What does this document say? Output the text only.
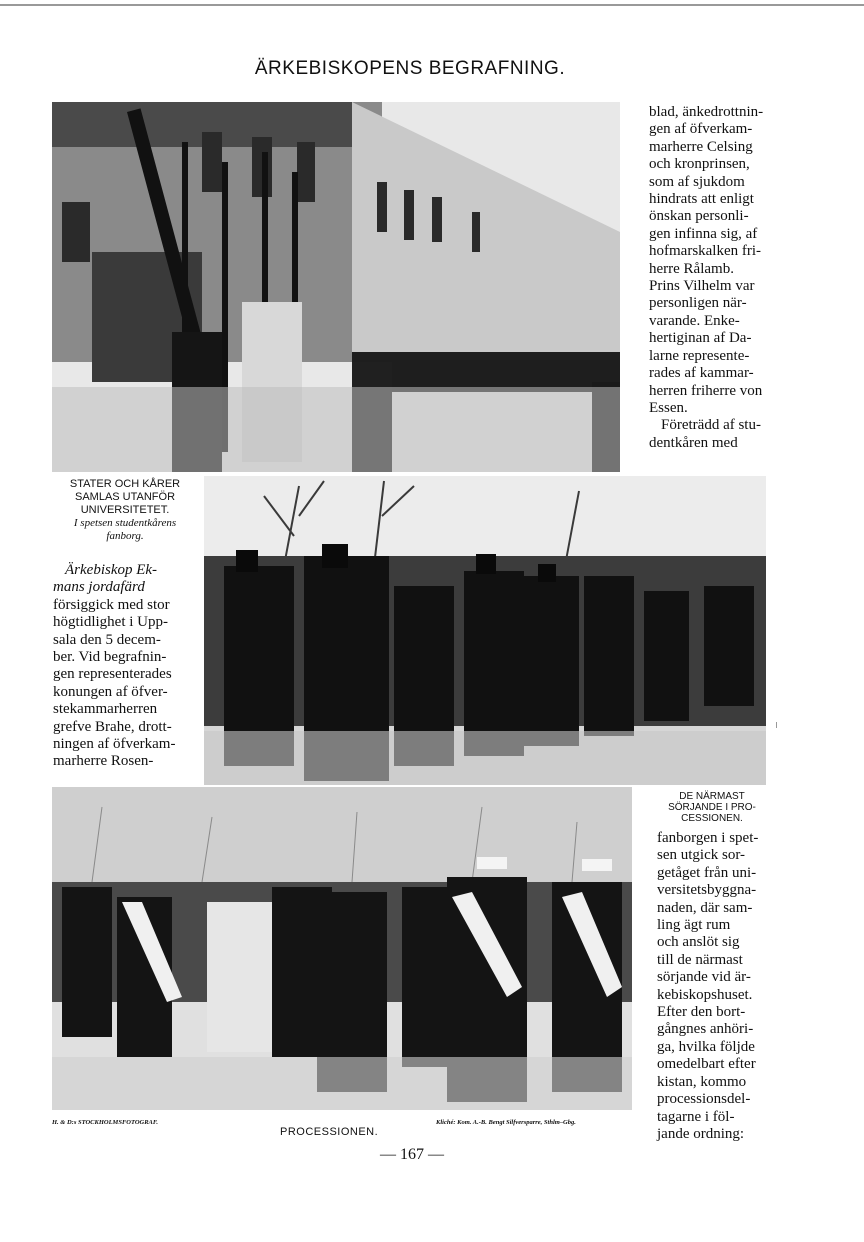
ÄRKEBISKOPENS BEGRAFNING.
blad, änkedrottnin-
gen af öfverkam-
marherre Celsing
och kronprinsen,
som af sjukdom
hindrats att enligt
önskan personli-
gen infinna sig, af
hofmarskalken fri-
herre Rålamb.
Prins Vilhelm var
personligen när-
varande. Enke-
hertiginan af Da-
larne represente-
rades af kammar-
herren friherre von
Essen.
Företrädd af stu-
dentkåren med
STATER OCH KÅRER
SAMLAS UTANFÖR
UNIVERSITETET.
I spetsen studentkårens
fanborg.
Ärkebiskop Ek-
mans jordafärd
försiggick med stor
högtidlighet i Upp-
sala den 5 decem-
ber. Vid begrafnin-
gen representerades
konungen af öfver-
stekammarherren
grefve Brahe, drott-
ningen af öfverkam-
marherre Rosen-
DE NÄRMAST
SÖRJANDE I PRO-
CESSIONEN.
fanborgen i spet-
sen utgick sor-
getåget från uni-
versitetsbyggna-
naden, där sam-
ling ägt rum
och anslöt sig
till de närmast
sörjande vid är-
kebiskopshuset.
Efter den bort-
gångnes anhöri-
ga, hvilka följde
omedelbart efter
kistan, kommo
processionsdel-
tagarne i föl-
jande ordning:
H. & D:s STOCKHOLMSFOTOGRAF.	Kliché: Kom. A.-B. Bengt Silfversparre, Sthlm–Gbg.
PROCESSIONEN.
— 167 —
